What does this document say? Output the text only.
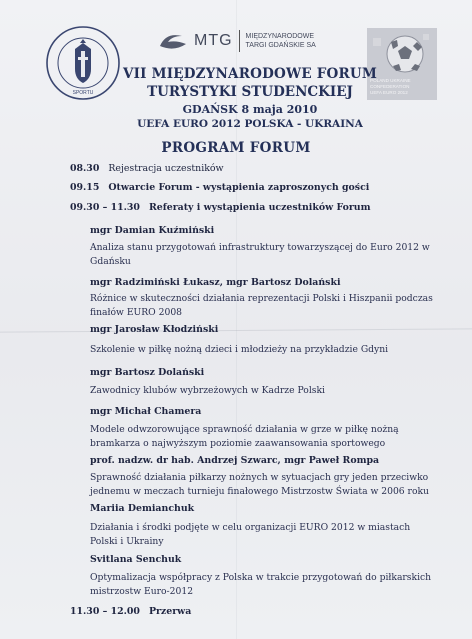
SPORTU
MTG MIĘDZYNARODOWE
TARGI GDAŃSKIE SA
POLAND UKRAINE
CONFEDERATION
UEFA EURO 2012
VII MIĘDZYNARODOWE FORUM
TURYSTYKI STUDENCKIEJ
GDAŃSK 8 maja 2010
UEFA EURO 2012 POLSKA - UKRAINA
PROGRAM FORUM
08.30 Rejestracja uczestników
09.15 Otwarcie Forum - wystąpienia zaproszonych gości
09.30 – 11.30 Referaty i wystąpienia uczestników Forum
mgr Damian Kuźmiński
Analiza stanu przygotowań infrastruktury towarzyszącej do Euro 2012 w Gdańsku
mgr Radzimiński Łukasz, mgr Bartosz Dolański
Różnice w skuteczności działania reprezentacji Polski i Hiszpanii podczas finałów EURO 2008
mgr Jarosław Kłodziński
Szkolenie w piłkę nożną dzieci i młodzieży na przykładzie Gdyni
mgr Bartosz Dolański
Zawodnicy klubów wybrzeżowych w Kadrze Polski
mgr Michał Chamera
Modele odwzorowujące sprawność działania w grze w piłkę nożną bramkarza o najwyższym poziomie zaawansowania sportowego
prof. nadzw. dr hab. Andrzej Szwarc, mgr Paweł Rompa
Sprawność działania piłkarzy nożnych w sytuacjach gry jeden przeciwko jednemu w meczach turnieju finałowego Mistrzostw Świata w 2006 roku
Mariia Demianchuk
Działania i środki podjęte w celu organizacji EURO 2012 w miastach Polski i Ukrainy
Svitlana Senchuk
Optymalizacja współpracy z Polska w trakcie przygotowań do piłkarskich mistrzostw Euro-2012
11.30 – 12.00 Przerwa
